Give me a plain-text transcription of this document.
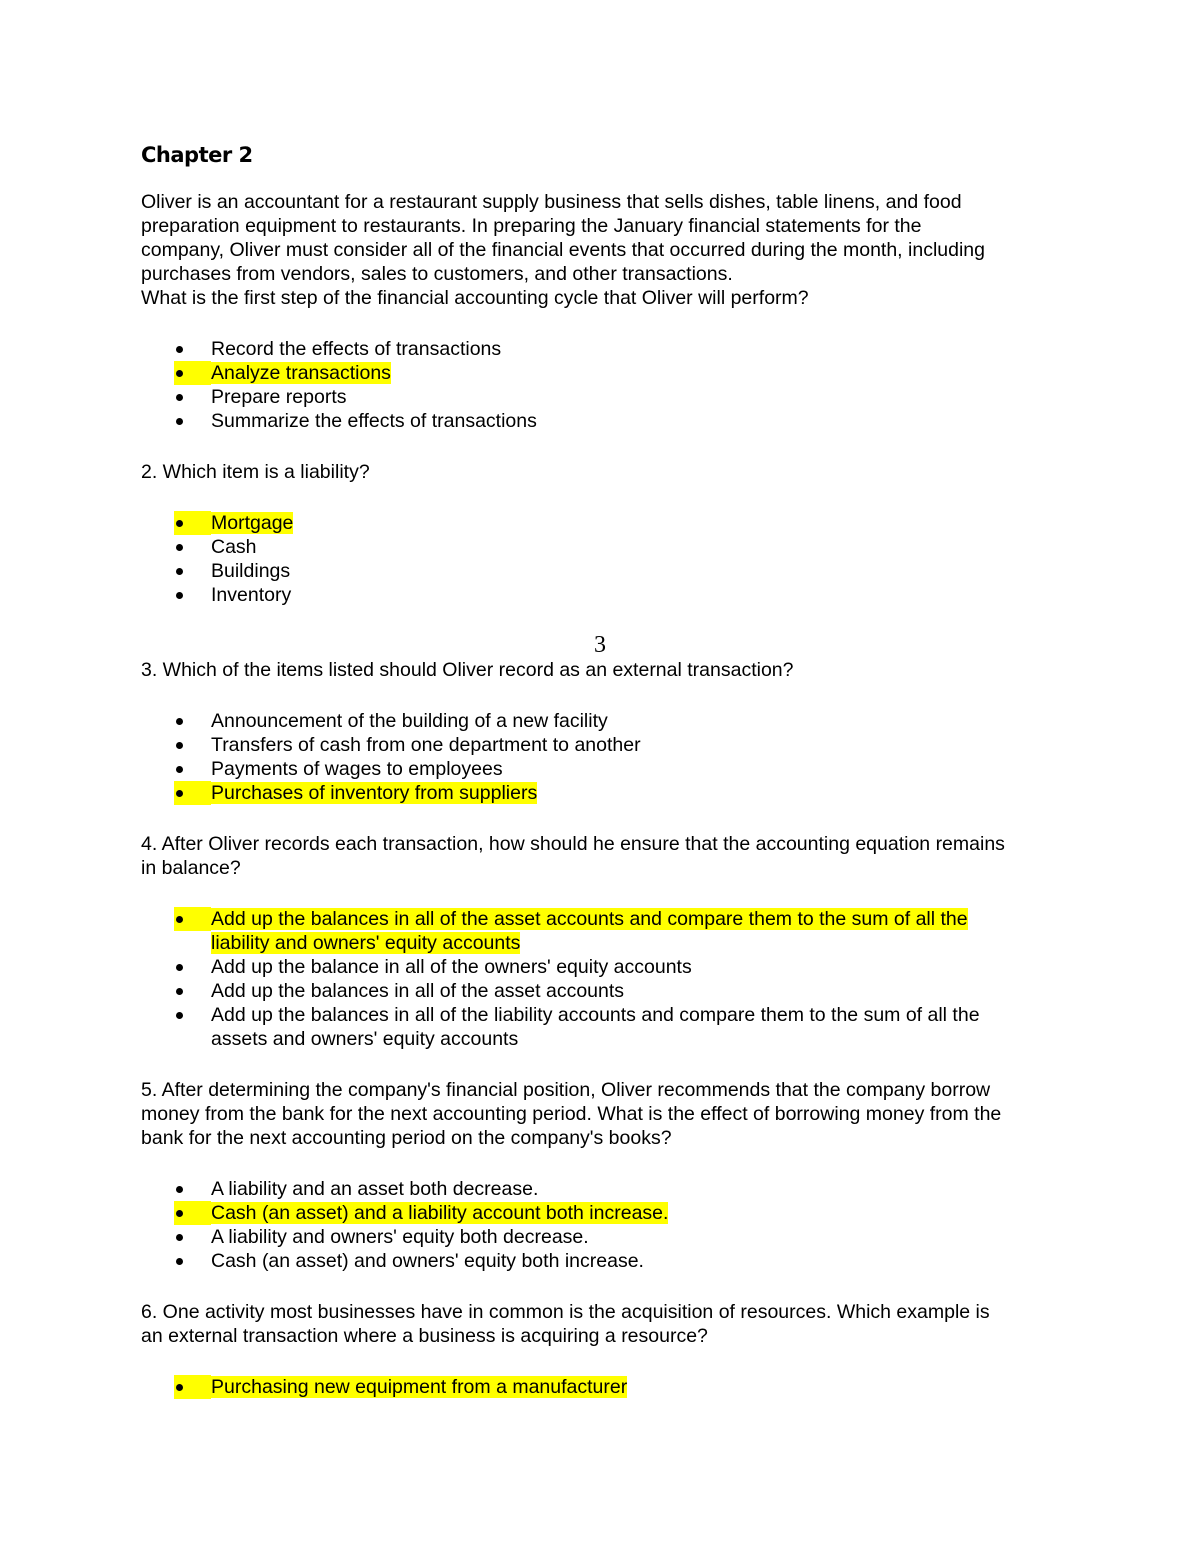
Chapter 2
Oliver is an accountant for a restaurant supply business that sells dishes, table linens, and food
preparation equipment to restaurants. In preparing the January financial statements for the
company, Oliver must consider all of the financial events that occurred during the month, including
purchases from vendors, sales to customers, and other transactions.
What is the first step of the financial accounting cycle that Oliver will perform?
Record the effects of transactions
Analyze transactions
Prepare reports
Summarize the effects of transactions
2. Which item is a liability?
Mortgage
Cash
Buildings
Inventory
3
3. Which of the items listed should Oliver record as an external transaction?
Announcement of the building of a new facility
Transfers of cash from one department to another
Payments of wages to employees
Purchases of inventory from suppliers
4. After Oliver records each transaction, how should he ensure that the accounting equation remains
in balance?
Add up the balances in all of the asset accounts and compare them to the sum of all the
liability and owners' equity accounts
Add up the balance in all of the owners' equity accounts
Add up the balances in all of the asset accounts
Add up the balances in all of the liability accounts and compare them to the sum of all the
assets and owners' equity accounts
5. After determining the company's financial position, Oliver recommends that the company borrow
money from the bank for the next accounting period. What is the effect of borrowing money from the
bank for the next accounting period on the company's books?
A liability and an asset both decrease.
Cash (an asset) and a liability account both increase.
A liability and owners' equity both decrease.
Cash (an asset) and owners' equity both increase.
6. One activity most businesses have in common is the acquisition of resources. Which example is
an external transaction where a business is acquiring a resource?
Purchasing new equipment from a manufacturer
